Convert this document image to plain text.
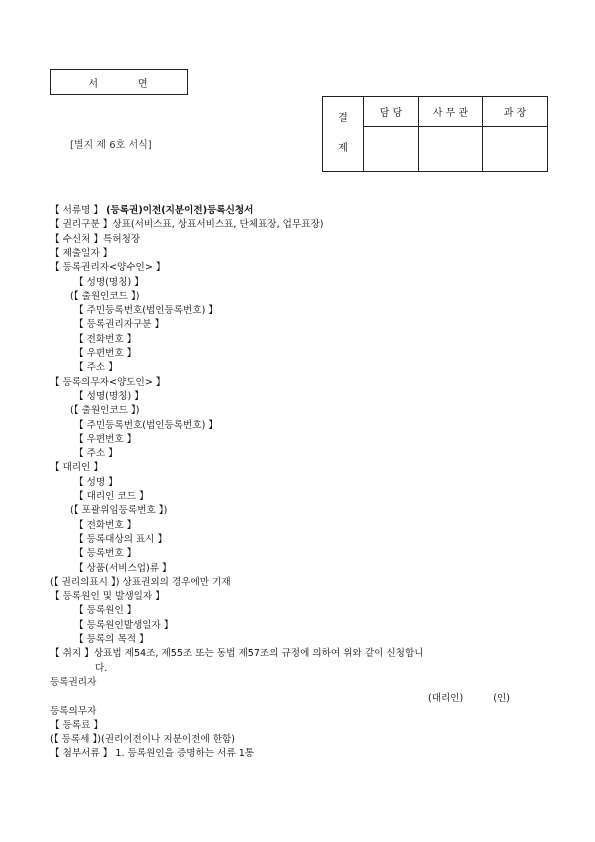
서	면
[별지 제 6호 서식]
결
제	담 당	사 무 관	과 장

【 서류명 】 (등록권)이전(지분이전)등록신청서
【 권리구분 】상표(서비스표, 상표서비스표, 단체표장, 업무표장)
【 수신처 】특허청장
【 제출일자 】
【 등록권리자<양수인> 】
【 성명(명칭) 】
(【 출원인코드 】)
【 주민등록번호(법인등록번호) 】
【 등록권리자구분 】
【 전화번호 】
【 우편번호 】
【 주소 】
【 등록의무자<양도인> 】
【 성명(명칭) 】
(【 출원인코드 】)
【 주민등록번호(법인등록번호) 】
【 우편번호 】
【 주소 】
【 대리인 】
【 성명 】
【 대리인 코드 】
(【 포괄위임등록번호 】)
【 전화번호 】
【 등록대상의 표시 】
【 등록번호 】
【 상품(서비스업)류 】
(【 권리의표시 】) 상표권외의 경우에만 기재
【 등록원인 및 발생일자 】
【 등록원인 】
【 등록원인발생일자 】
【 등록의 목적 】
【 취지 】상표법 제54조, 제55조 또는 동법 제57조의 규정에 의하여 위와 같이 신청합니
다.
등록권리자
등록의무자
【 등록료 】
(【 등록세 】)(권리이전이나 지분이전에 한함)
【 첨부서류 】 1. 등록원인을 증명하는 서류 1통
(대리인)	(인)
